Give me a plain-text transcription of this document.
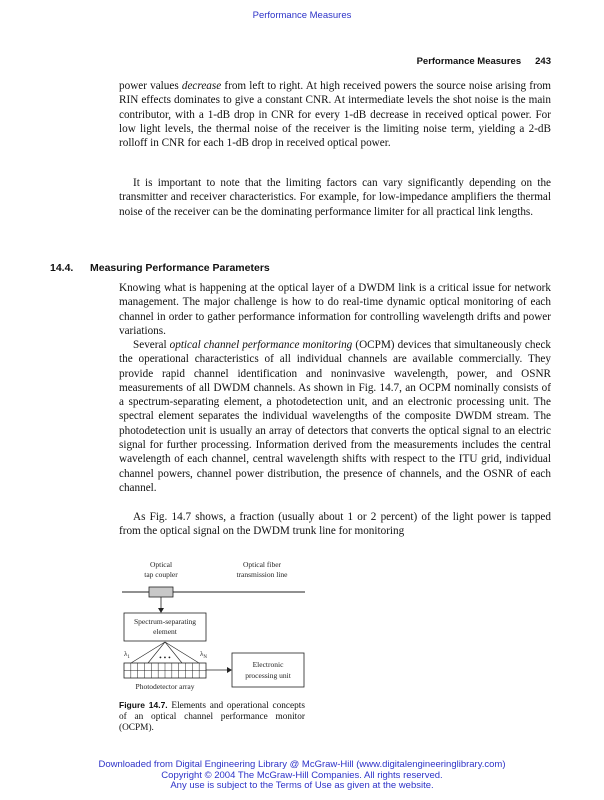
Performance Measures
Performance Measures 243

power values decrease from left to right. At high received powers the source noise arising from RIN effects dominates to give a constant CNR. At intermediate levels the shot noise is the main contributor, with a 1-dB drop in CNR for every 1-dB decrease in received optical power. For low light levels, the thermal noise of the receiver is the limiting noise term, yielding a 2-dB rolloff in CNR for each 1-dB drop in received optical power.

It is important to note that the limiting factors can vary significantly depending on the transmitter and receiver characteristics. For example, for low-impedance amplifiers the thermal noise of the receiver can be the dominating performance limiter for all practical link lengths.

14.4. Measuring Performance Parameters

Knowing what is happening at the optical layer of a DWDM link is a critical issue for network management. The major challenge is how to do real-time dynamic optical monitoring of each channel in order to gather performance information for controlling wavelength drifts and power variations.

Several optical channel performance monitoring (OCPM) devices that simultaneously check the operational characteristics of all individual channels are available commercially. They provide rapid channel identification and noninvasive wavelength, power, and OSNR measurements of all DWDM channels. As shown in Fig. 14.7, an OCPM nominally consists of a spectrum-separating element, a photodetection unit, and an electronic processing unit. The spectral element separates the individual wavelengths of the composite DWDM stream. The photodetection unit is usually an array of detectors that converts the optical signal to an electric signal for further processing. Information derived from the measurements includes the central wavelength of each channel, central wavelength shifts with respect to the ITU grid, individual channel powers, channel power distribution, the presence of channels, and the OSNR of each channel.

As Fig. 14.7 shows, a fraction (usually about 1 or 2 percent) of the light power is tapped from the optical signal on the DWDM trunk line for monitoring

Optical
tap coupler
Optical fiber
transmission line
Spectrum-separating
element
$\lambda_1$	• • •	$\lambda_N$
Electronic
processing unit
Photodetector array

Figure 14.7. Elements and operational concepts of an optical channel performance monitor (OCPM).

Downloaded from Digital Engineering Library @ McGraw-Hill (www.digitalengineeringlibrary.com)
Copyright © 2004 The McGraw-Hill Companies. All rights reserved.
Any use is subject to the Terms of Use as given at the website.
